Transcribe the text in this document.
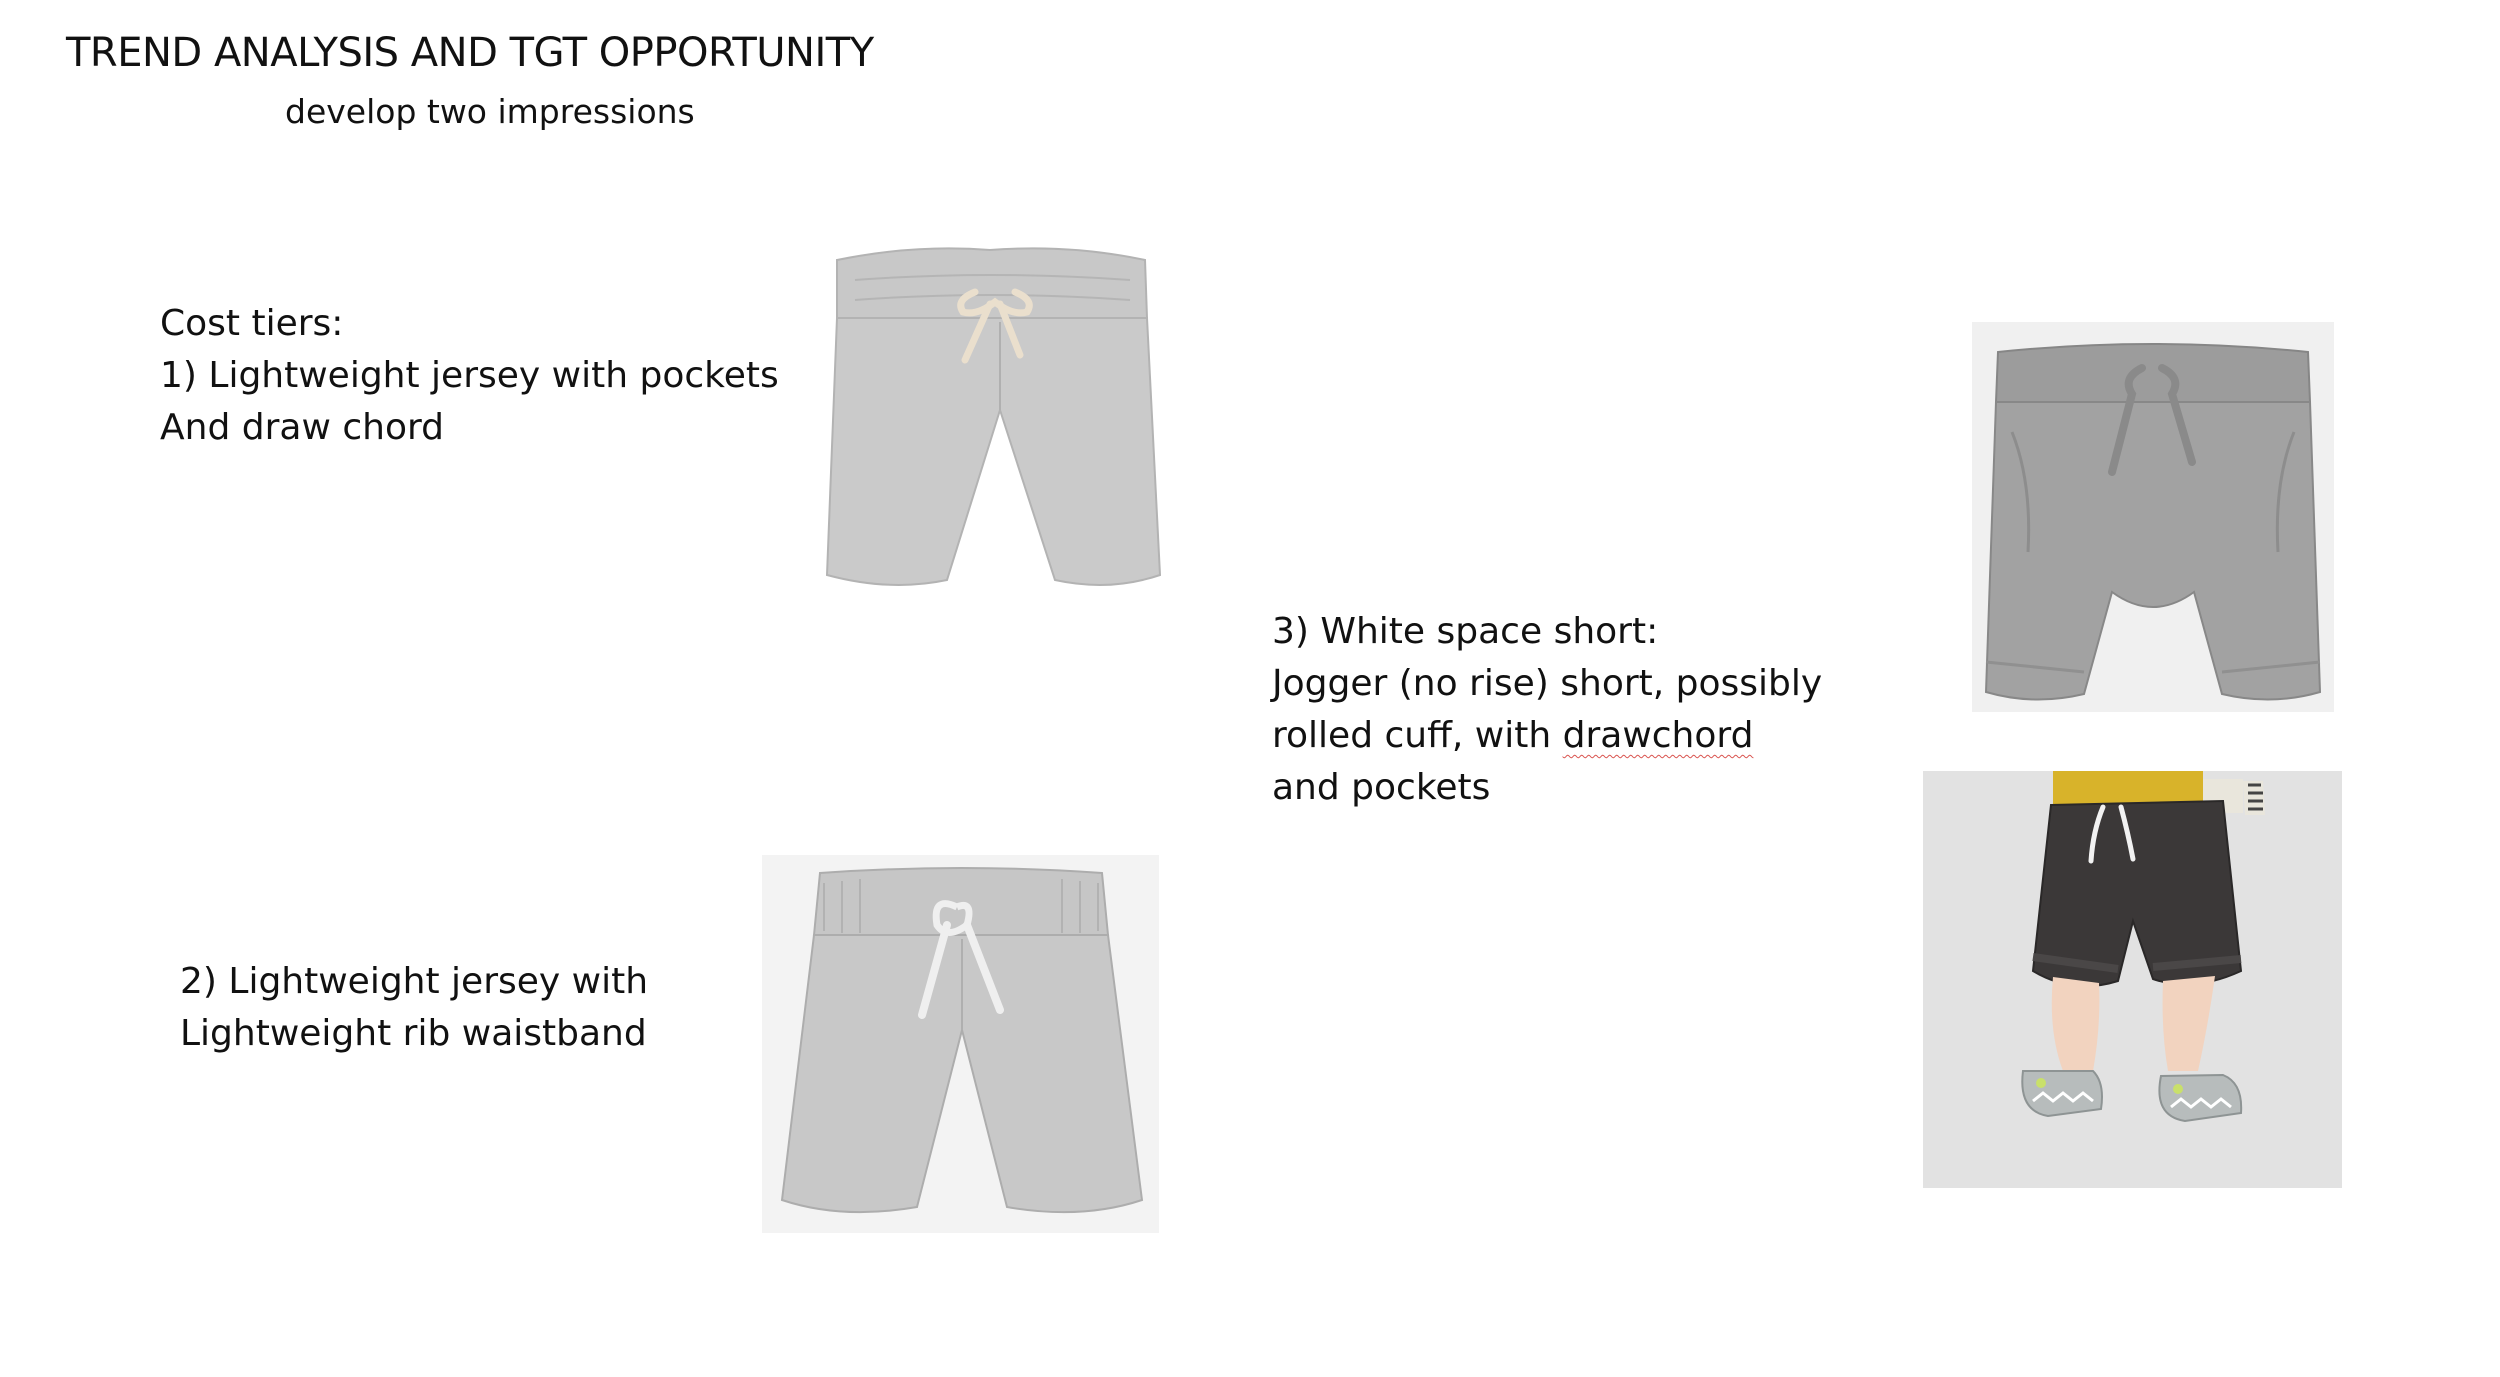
TREND ANALYSIS AND TGT OPPORTUNITY
develop two impressions
Cost tiers:
1) Lightweight jersey with pockets
And draw chord
2) Lightweight jersey with
Lightweight rib waistband
3) White space short:
Jogger (no rise) short, possibly
rolled cuff, with drawchord
and pockets
